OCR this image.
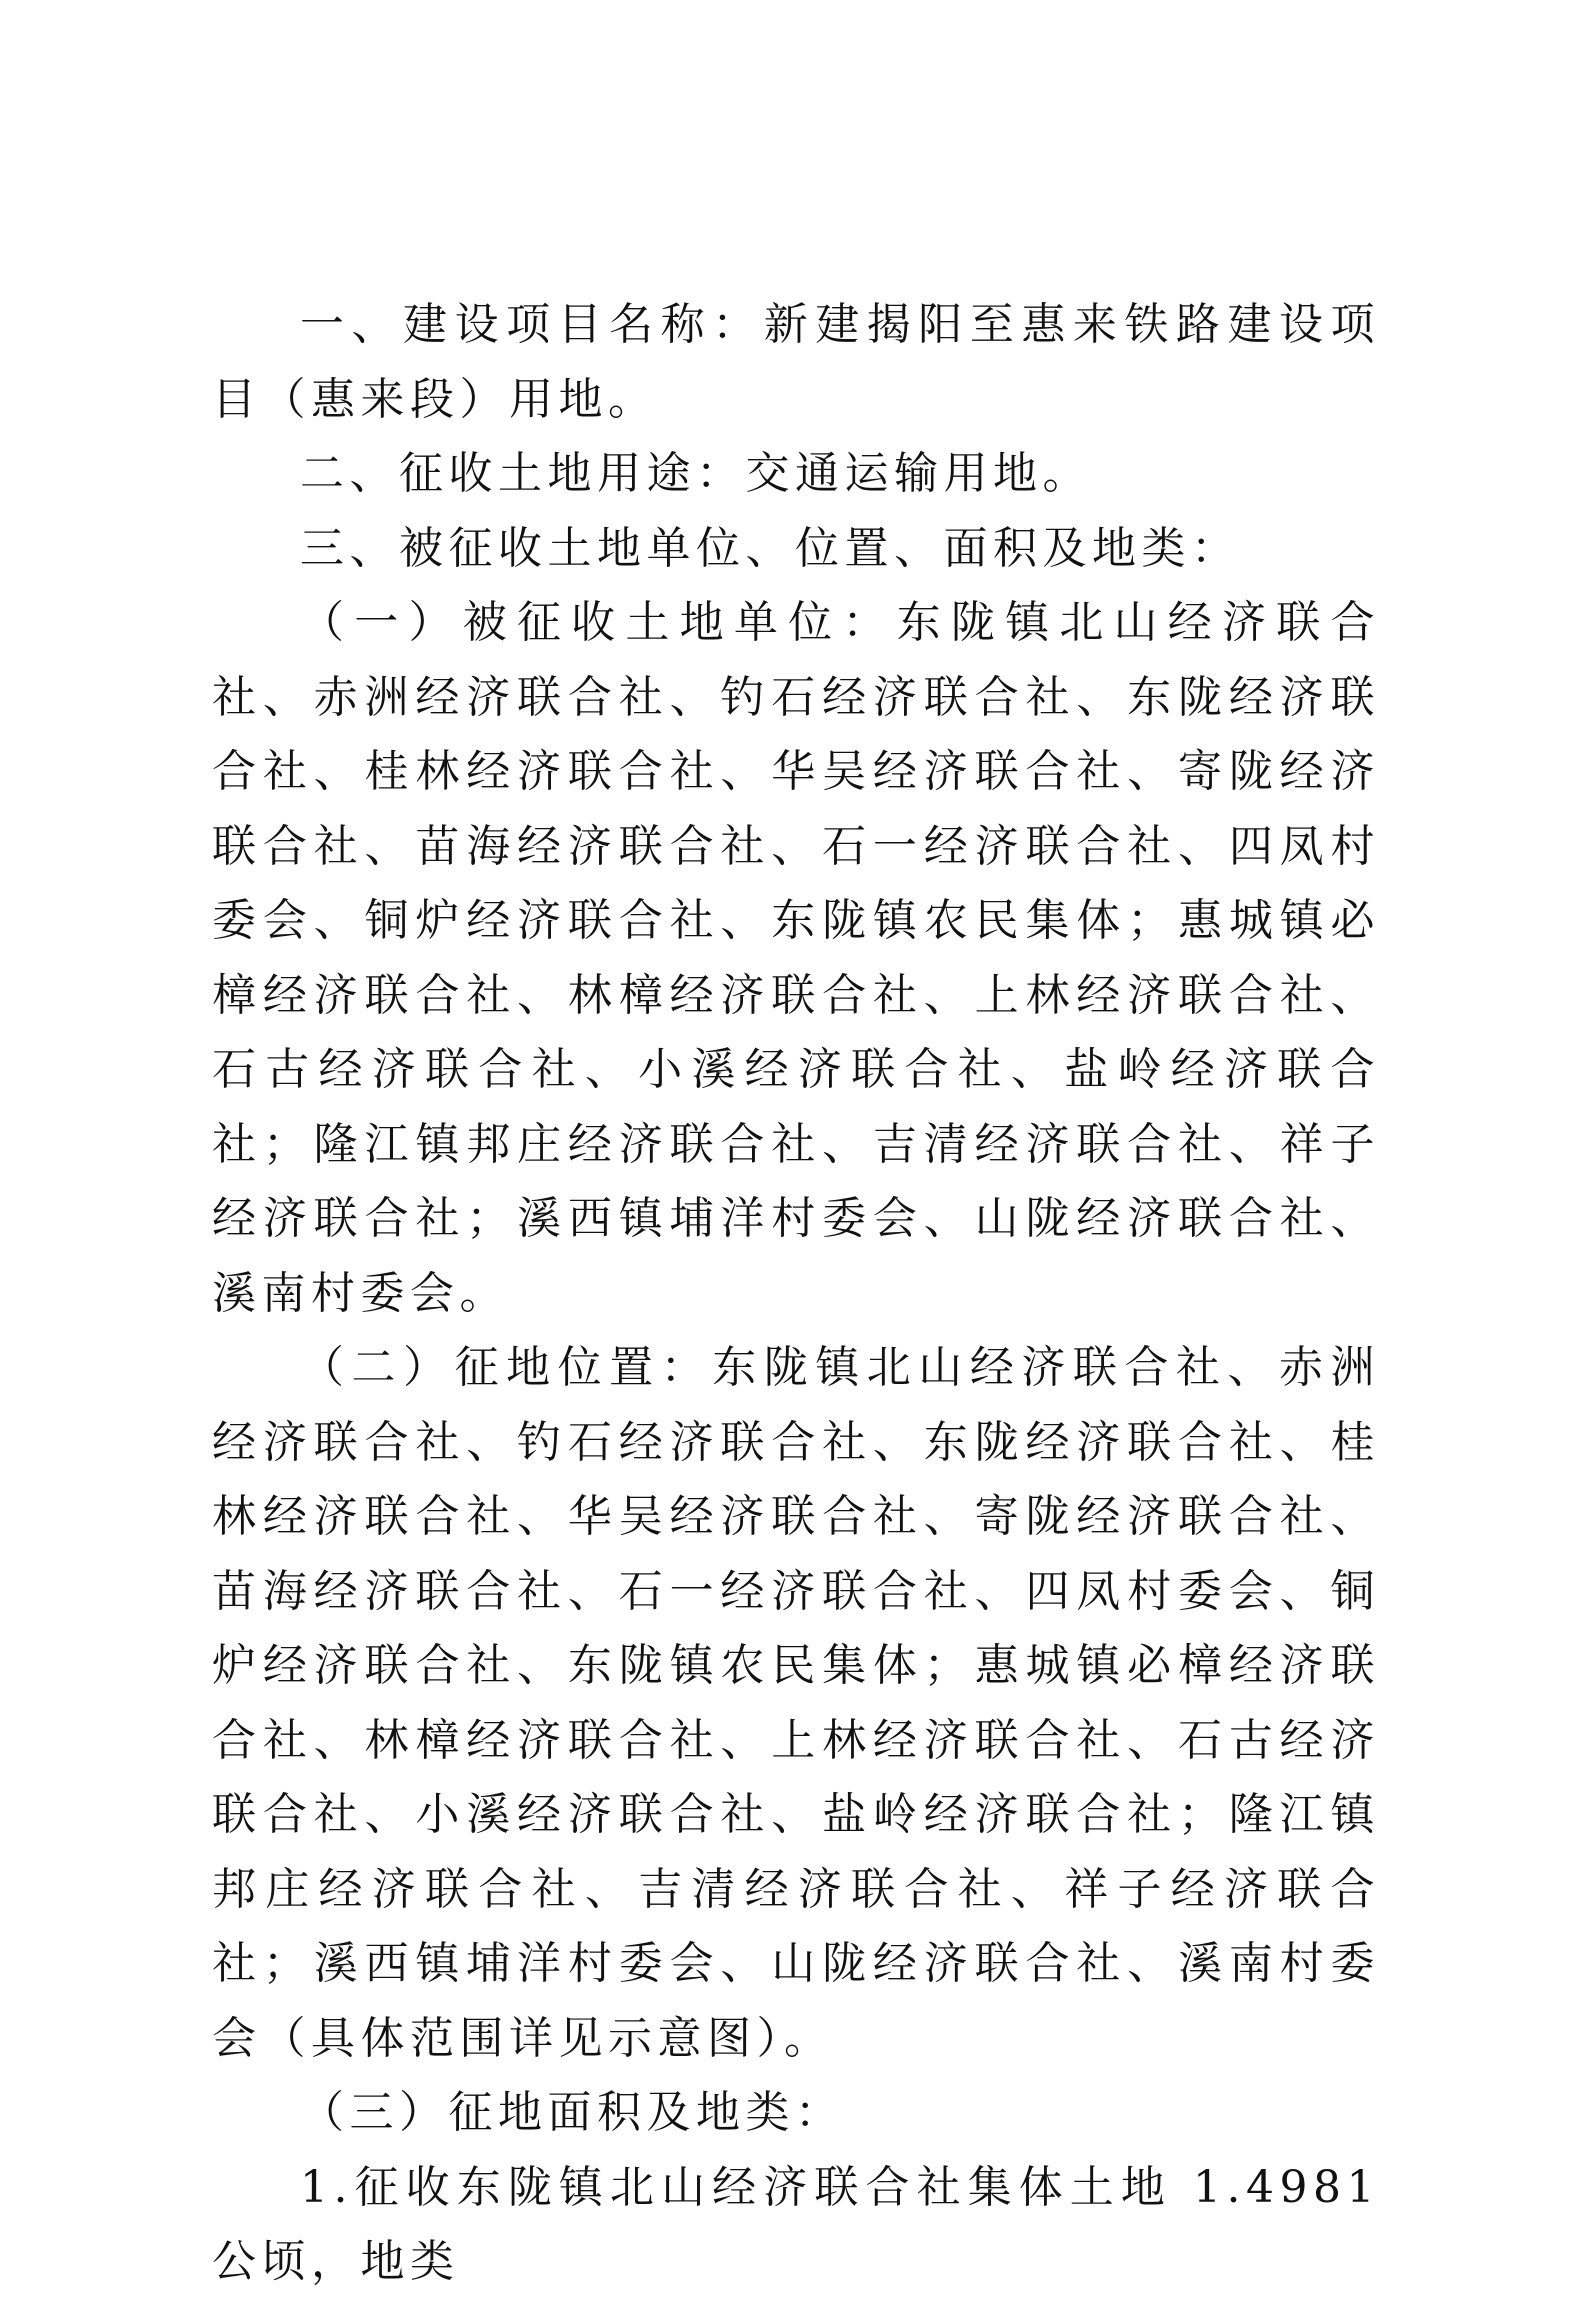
一、建设项目名称：新建揭阳至惠来铁路建设项目（惠来段）用地。

二、征收土地用途：交通运输用地。

三、被征收土地单位、位置、面积及地类：

（一）被征收土地单位：东陇镇北山经济联合社、赤洲经济联合社、钓石经济联合社、东陇经济联合社、桂林经济联合社、华吴经济联合社、寄陇经济联合社、苗海经济联合社、石一经济联合社、四凤村委会、铜炉经济联合社、东陇镇农民集体；惠城镇必樟经济联合社、林樟经济联合社、上林经济联合社、石古经济联合社、小溪经济联合社、盐岭经济联合社；隆江镇邦庄经济联合社、吉清经济联合社、祥子经济联合社；溪西镇埔洋村委会、山陇经济联合社、溪南村委会。

（二）征地位置：东陇镇北山经济联合社、赤洲经济联合社、钓石经济联合社、东陇经济联合社、桂林经济联合社、华吴经济联合社、寄陇经济联合社、苗海经济联合社、石一经济联合社、四凤村委会、铜炉经济联合社、东陇镇农民集体；惠城镇必樟经济联合社、林樟经济联合社、上林经济联合社、石古经济联合社、小溪经济联合社、盐岭经济联合社；隆江镇邦庄经济联合社、吉清经济联合社、祥子经济联合社；溪西镇埔洋村委会、山陇经济联合社、溪南村委会（具体范围详见示意图）。

（三）征地面积及地类：

1.征收东陇镇北山经济联合社集体土地 1.4981 公顷，地类
